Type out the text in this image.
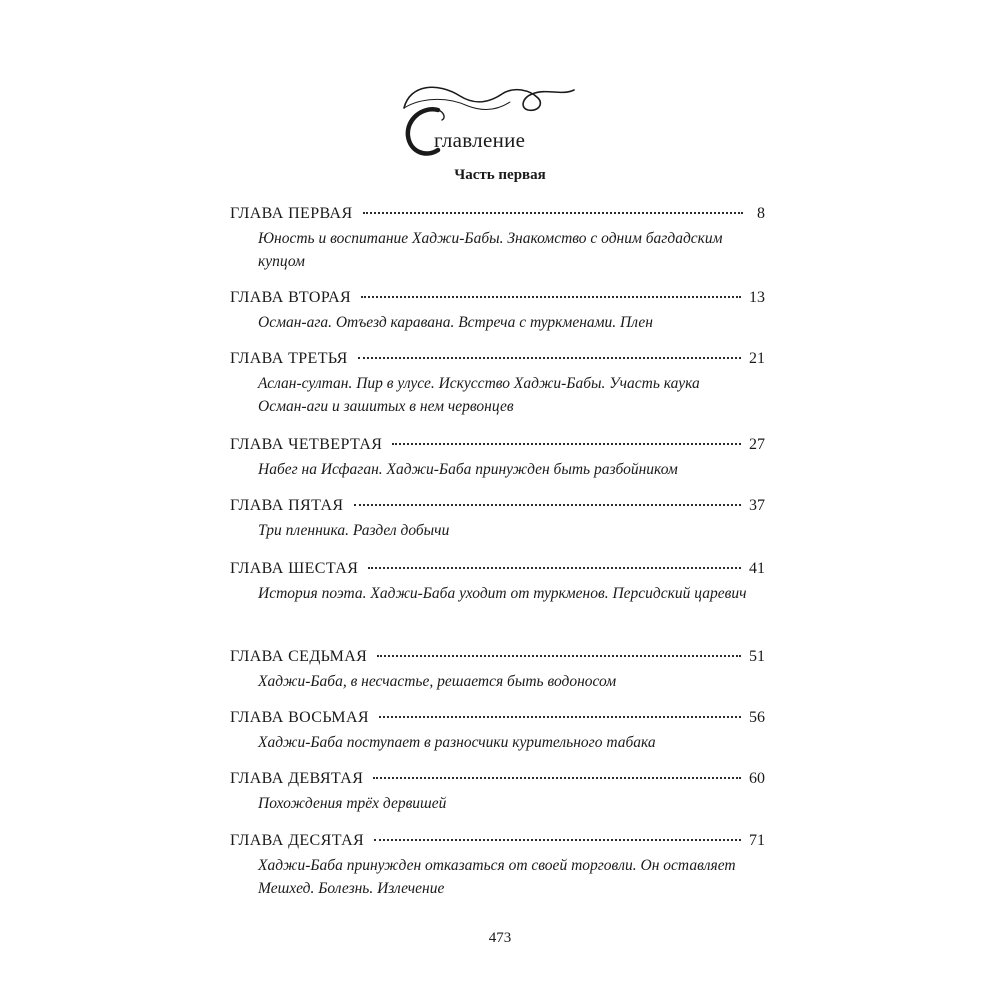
главление
Часть первая
ГЛАВА ПЕРВАЯ	8
Юность и воспитание Хаджи-Бабы. Знакомство с одним багдадским купцом
ГЛАВА ВТОРАЯ	13
Осман-ага. Отъезд каравана. Встреча с туркменами. Плен
ГЛАВА ТРЕТЬЯ	21
Аслан-султан. Пир в улусе. Искусство Хаджи-Бабы. Участь каука Осман-аги и зашитых в нем червонцев
ГЛАВА ЧЕТВЕРТАЯ	27
Набег на Исфаган. Хаджи-Баба принужден быть разбойником
ГЛАВА ПЯТАЯ	37
Три пленника. Раздел добычи
ГЛАВА ШЕСТАЯ	41
История поэта. Хаджи-Баба уходит от туркменов. Персидский царевич
ГЛАВА СЕДЬМАЯ	51
Хаджи-Баба, в несчастье, решается быть водоносом
ГЛАВА ВОСЬМАЯ	56
Хаджи-Баба поступает в разносчики курительного табака
ГЛАВА ДЕВЯТАЯ	60
Похождения трёх дервишей
ГЛАВА ДЕСЯТАЯ	71
Хаджи-Баба принужден отказаться от своей торговли. Он оставляет Мешхед. Болезнь. Излечение
473
